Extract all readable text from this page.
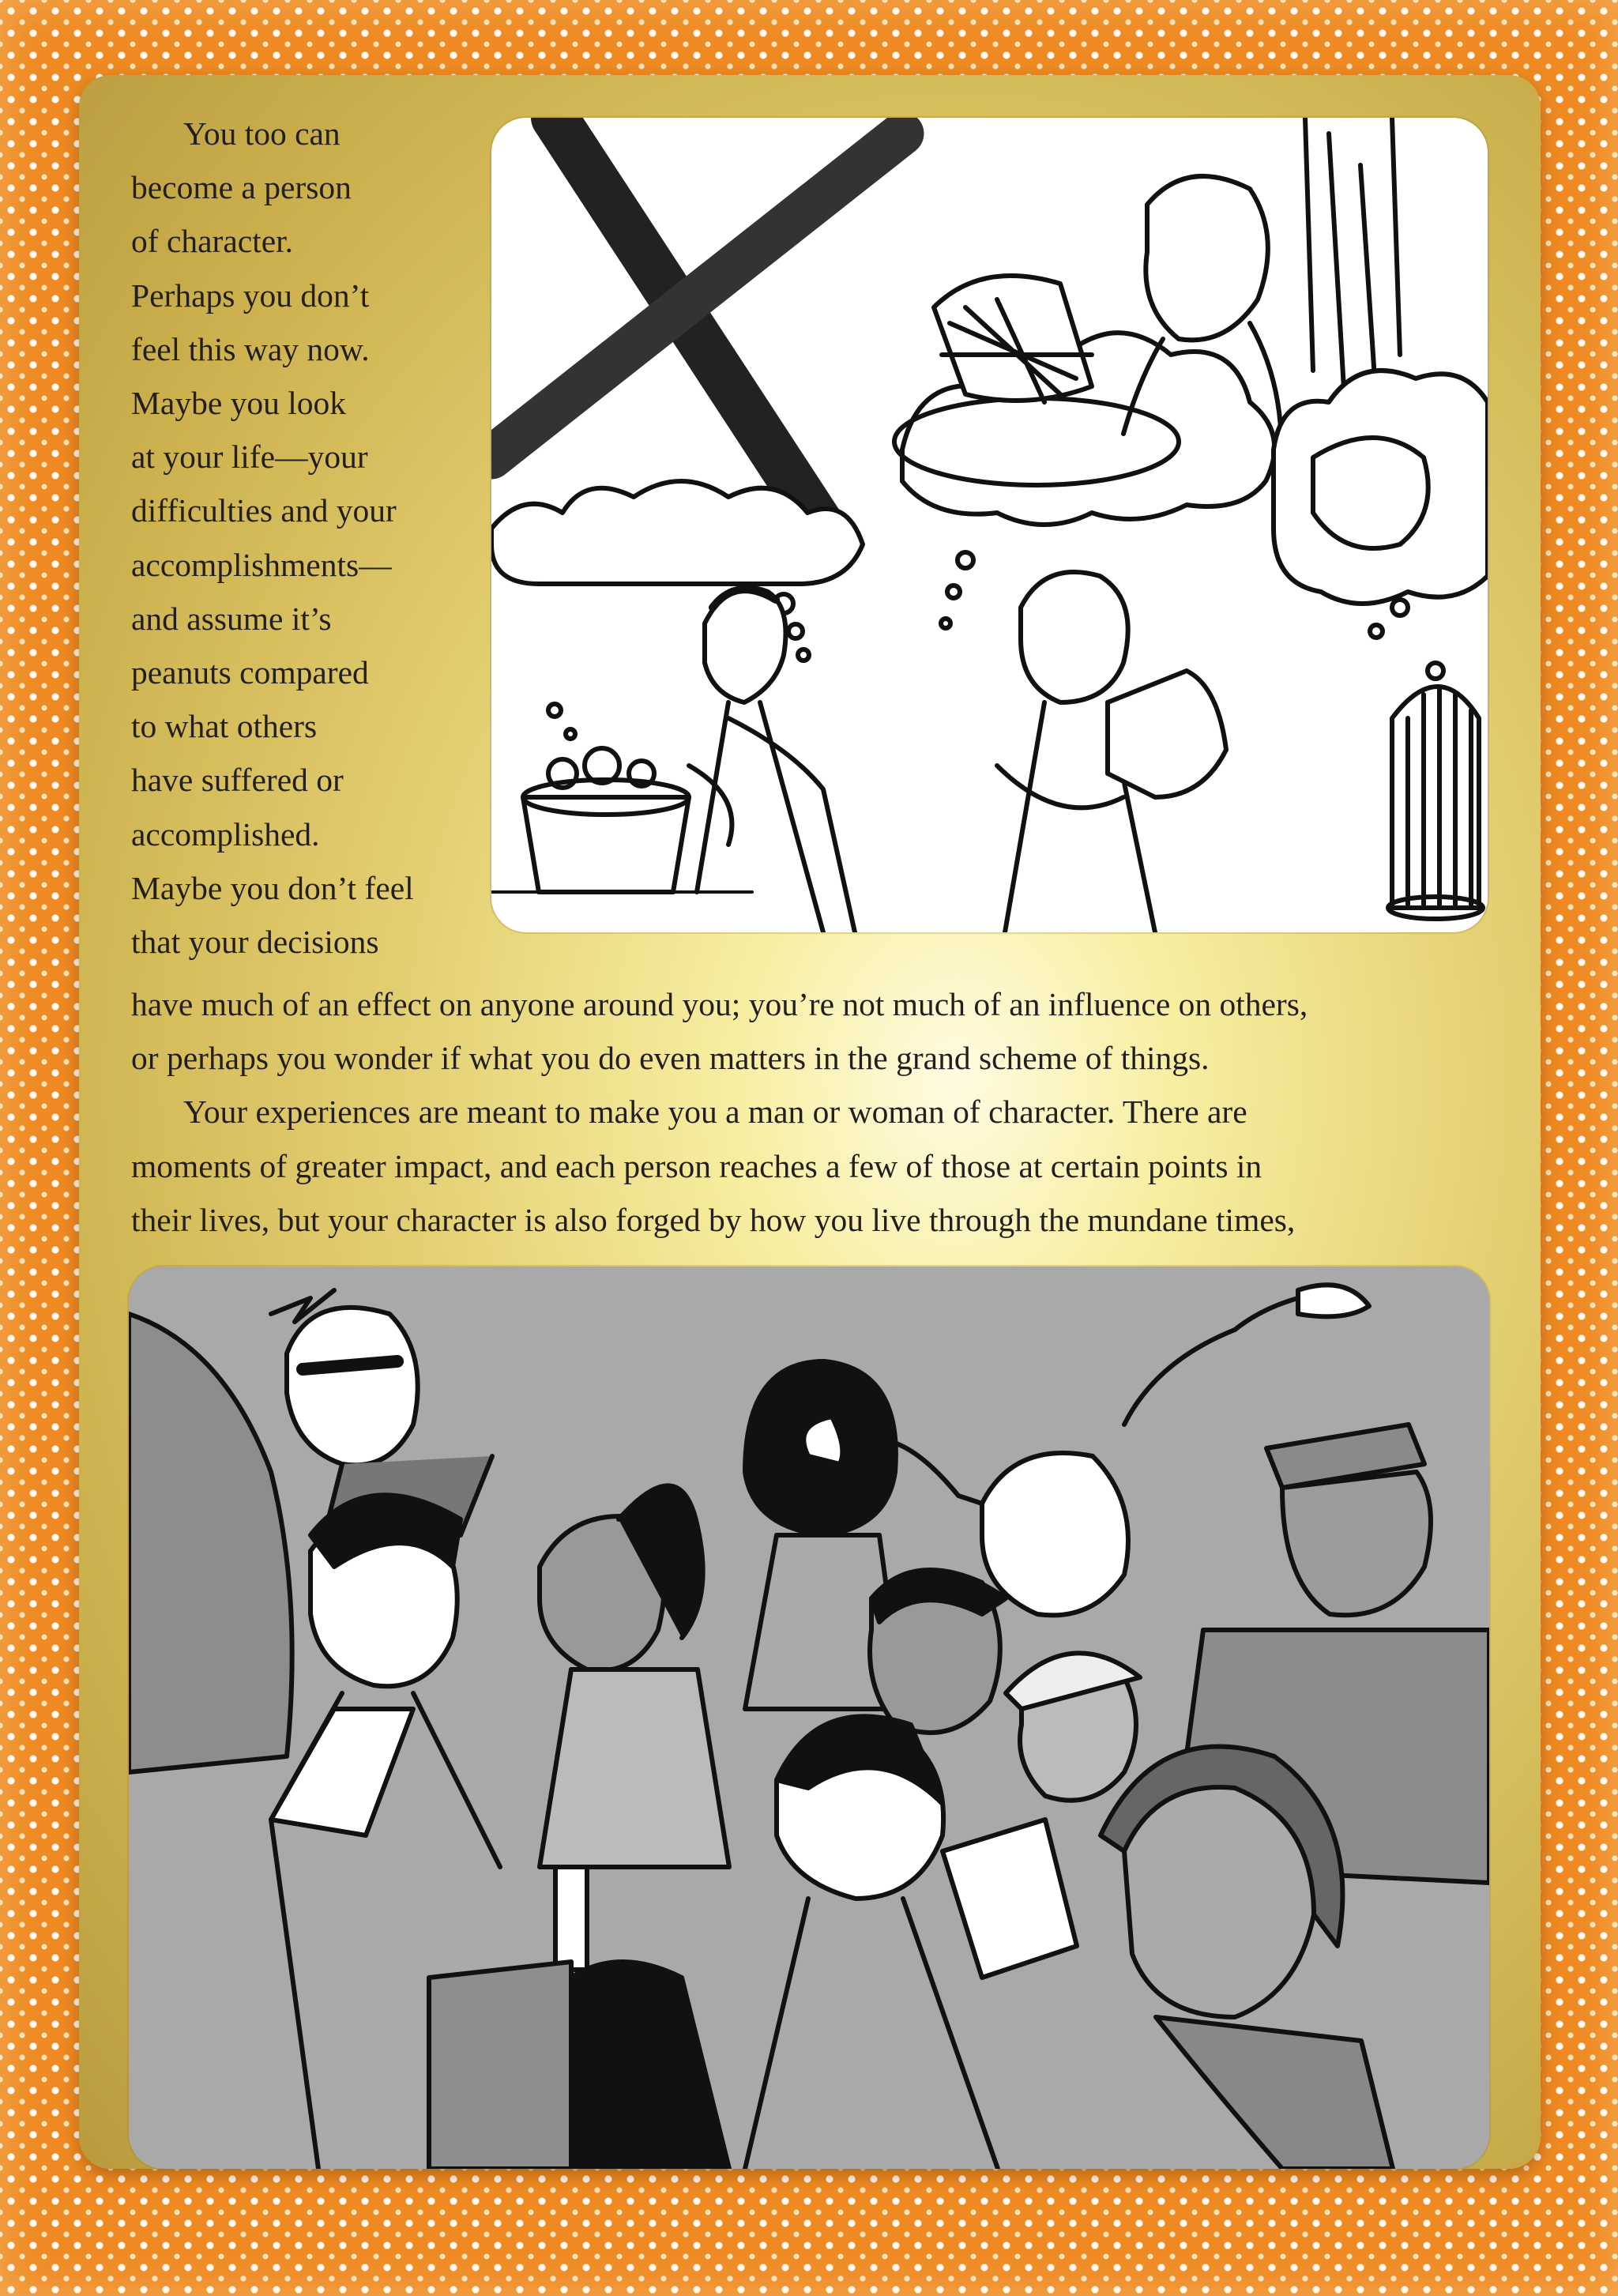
You too can
become a person
of character.
Perhaps you don’t
feel this way now.
Maybe you look
at your life—your
difficulties and your
accomplishments—
and assume it’s
peanuts compared
to what others
have suffered or
accomplished.
Maybe you don’t feel
that your decisions

have much of an effect on anyone around you; you’re not much of an influence on others,
or perhaps you wonder if what you do even matters in the grand scheme of things.
Your experiences are meant to make you a man or woman of character. There are
moments of greater impact, and each person reaches a few of those at certain points in
their lives, but your character is also forged by how you live through the mundane times,
